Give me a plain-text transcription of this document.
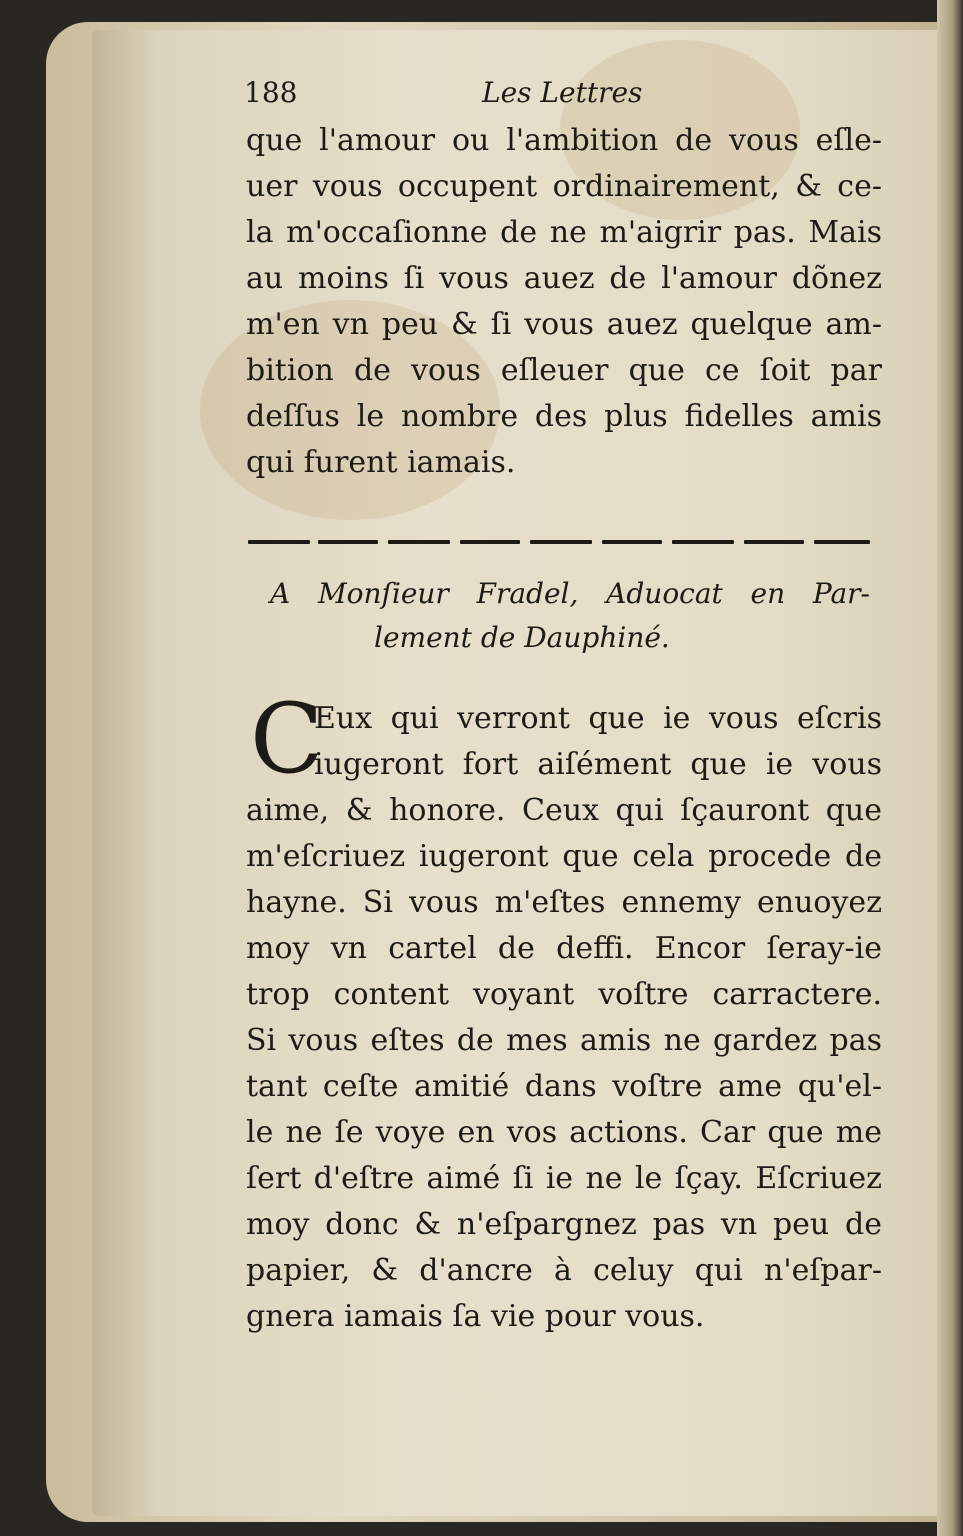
188	Les Lettres
que l'amour ou l'ambition de vous eſle-
uer vous occupent ordinairement, & ce-
la m'occaſionne de ne m'aigrir pas. Mais
au moins ſi vous auez de l'amour dõnez
m'en vn peu & ſi vous auez quelque am-
bition de vous eſleuer que ce ſoit par
deſſus le nombre des plus fidelles amis
qui furent iamais.
A Monſieur Fradel, Aduocat en Par-
lement de Dauphiné.
C
Eux qui verront que ie vous eſcris
iugeront fort aiſément que ie vous
aime, & honore. Ceux qui ſçauront que
m'eſcriuez iugeront que cela procede de
hayne. Si vous m'eſtes ennemy enuoyez
moy vn cartel de deffi. Encor ſeray-ie
trop content voyant voſtre carractere.
Si vous eſtes de mes amis ne gardez pas
tant ceſte amitié dans voſtre ame qu'el-
le ne ſe voye en vos actions. Car que me
ſert d'eſtre aimé ſi ie ne le ſçay. Eſcriuez
moy donc & n'eſpargnez pas vn peu de
papier, & d'ancre à celuy qui n'eſpar-
gnera iamais ſa vie pour vous.
